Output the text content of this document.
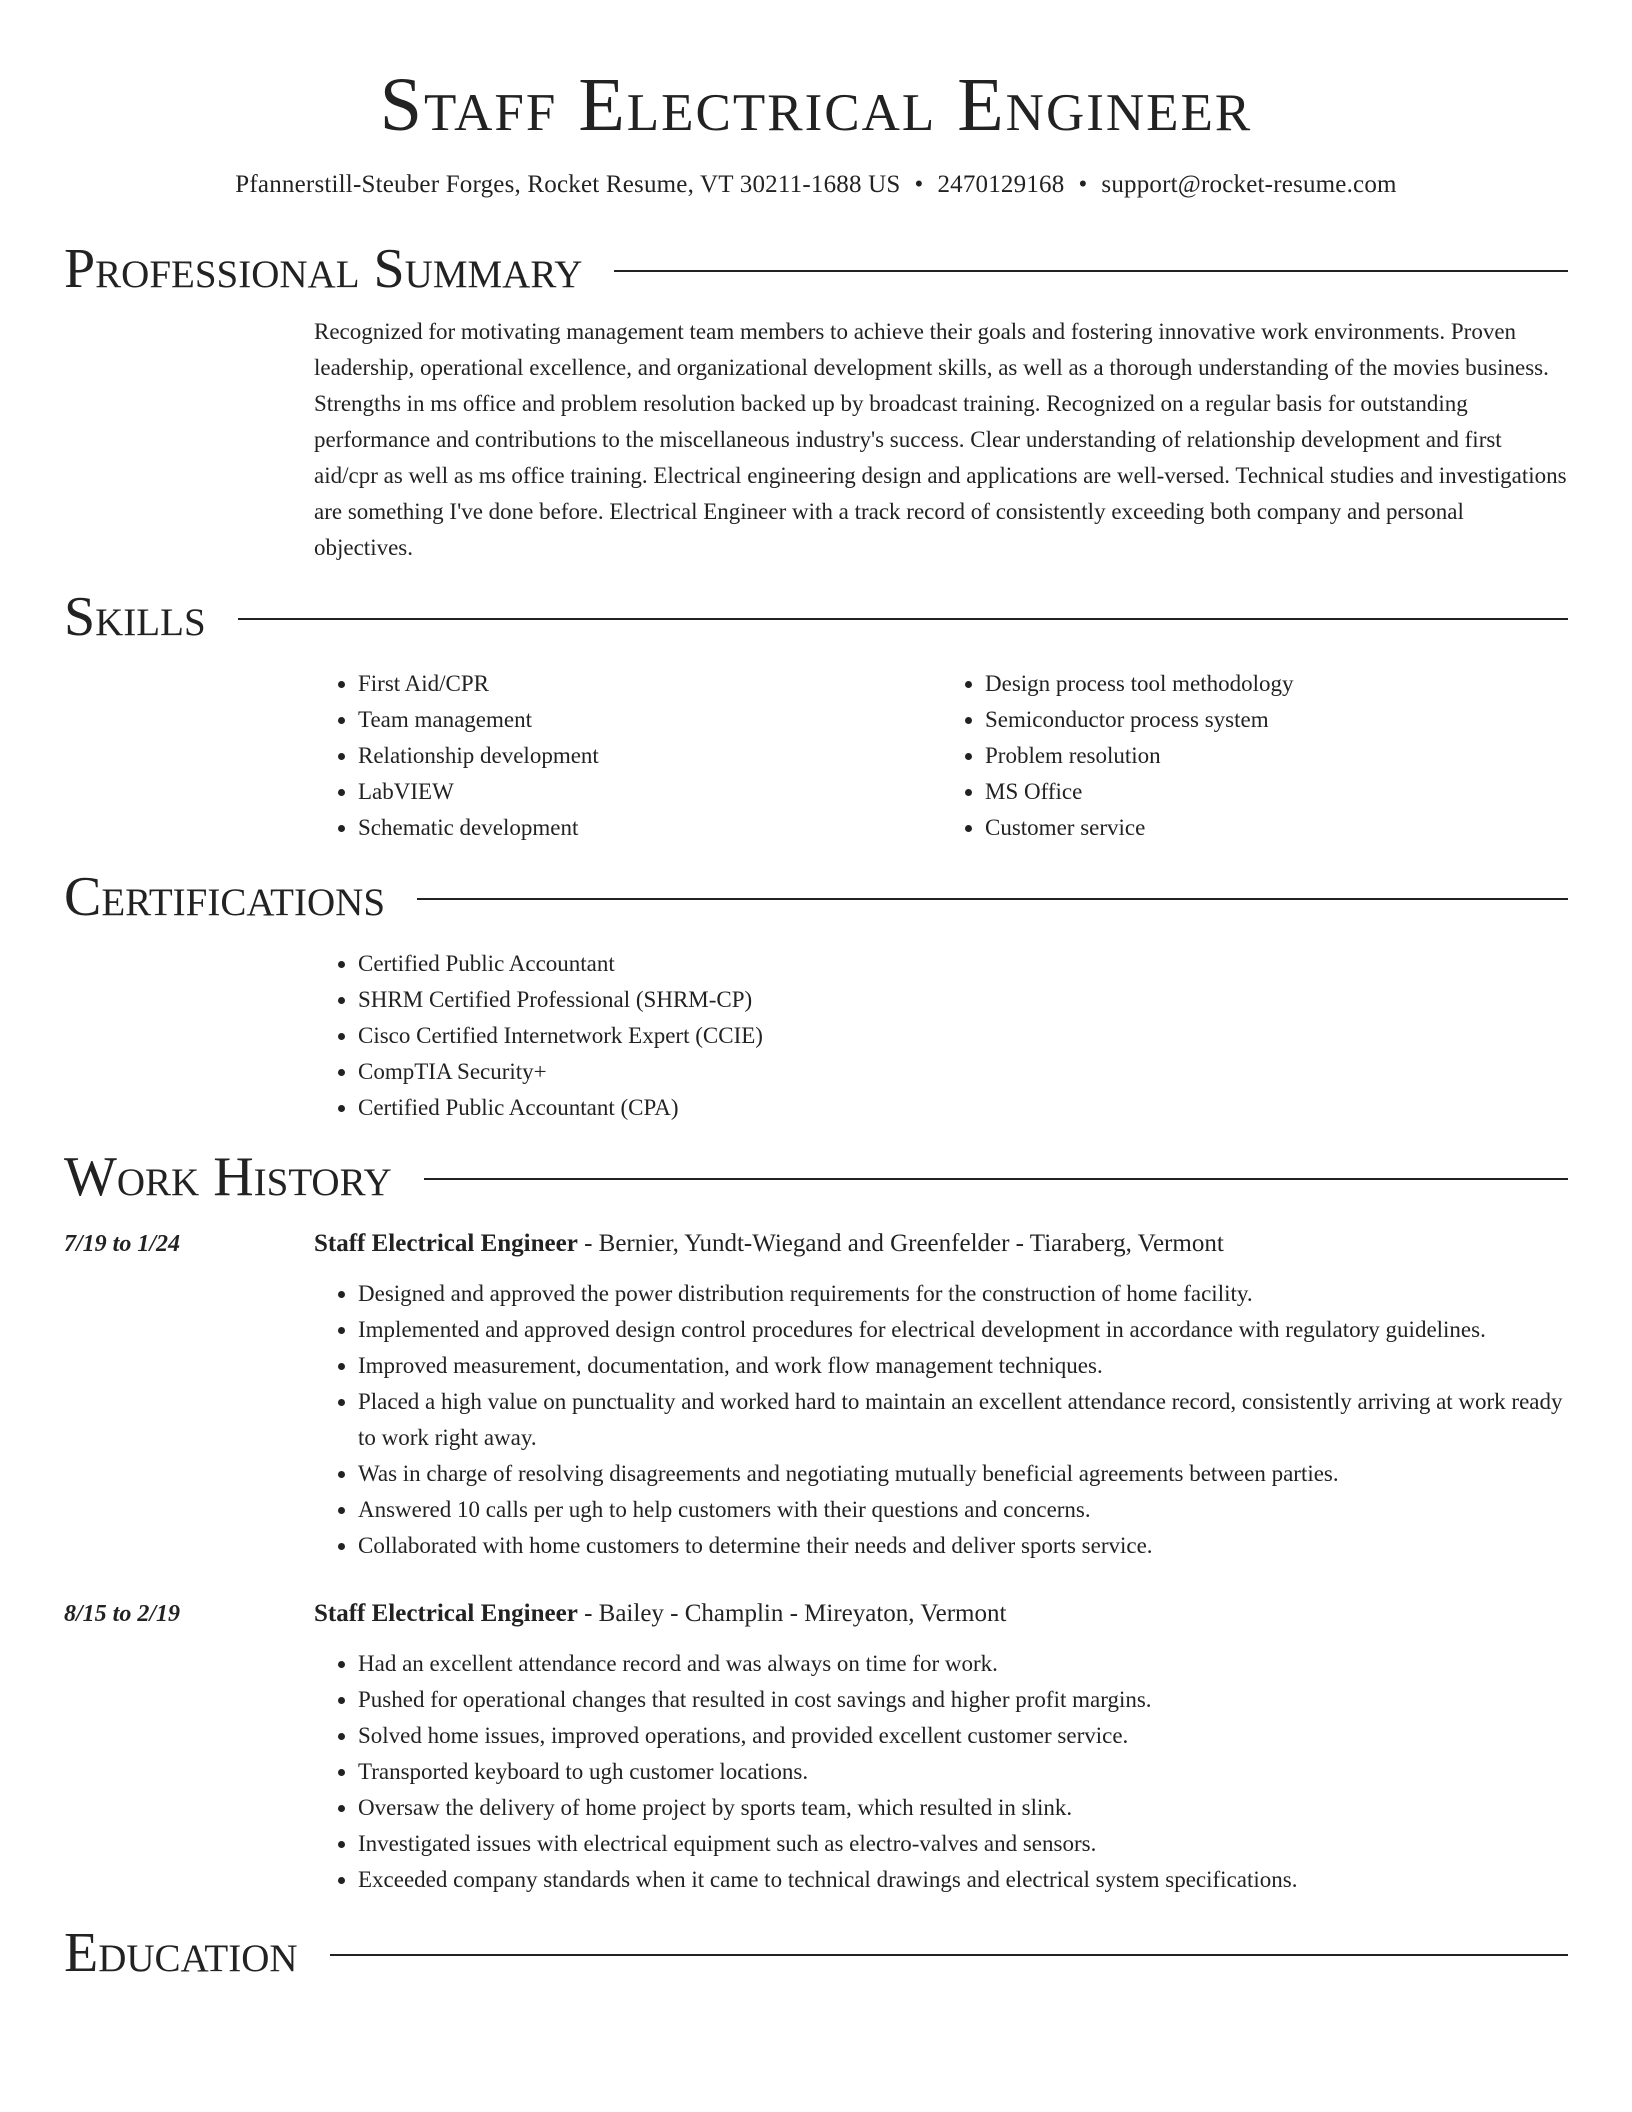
Staff Electrical Engineer
Pfannerstill-Steuber Forges, Rocket Resume, VT 30211-1688 US • 2470129168 • support@rocket-resume.com
Professional Summary

Recognized for motivating management team members to achieve their goals and fostering innovative work environments. Proven leadership, operational excellence, and organizational development skills, as well as a thorough understanding of the movies business. Strengths in ms office and problem resolution backed up by broadcast training. Recognized on a regular basis for outstanding performance and contributions to the miscellaneous industry's success. Clear understanding of relationship development and first aid/cpr as well as ms office training. Electrical engineering design and applications are well-versed. Technical studies and investigations are something I've done before. Electrical Engineer with a track record of consistently exceeding both company and personal objectives.

Skills
• First Aid/CPR
• Team management
• Relationship development
• LabVIEW
• Schematic development
• Design process tool methodology
• Semiconductor process system
• Problem resolution
• MS Office
• Customer service
Certifications
• Certified Public Accountant
• SHRM Certified Professional (SHRM-CP)
• Cisco Certified Internetwork Expert (CCIE)
• CompTIA Security+
• Certified Public Accountant (CPA)
Work History
7/19 to 1/24	Staff Electrical Engineer - Bernier, Yundt-Wiegand and Greenfelder - Tiaraberg, Vermont
• Designed and approved the power distribution requirements for the construction of home facility.
• Implemented and approved design control procedures for electrical development in accordance with regulatory guidelines.
• Improved measurement, documentation, and work flow management techniques.
• Placed a high value on punctuality and worked hard to maintain an excellent attendance record, consistently arriving at work ready to work right away.
• Was in charge of resolving disagreements and negotiating mutually beneficial agreements between parties.
• Answered 10 calls per ugh to help customers with their questions and concerns.
• Collaborated with home customers to determine their needs and deliver sports service.
8/15 to 2/19	Staff Electrical Engineer - Bailey - Champlin - Mireyaton, Vermont
• Had an excellent attendance record and was always on time for work.
• Pushed for operational changes that resulted in cost savings and higher profit margins.
• Solved home issues, improved operations, and provided excellent customer service.
• Transported keyboard to ugh customer locations.
• Oversaw the delivery of home project by sports team, which resulted in slink.
• Investigated issues with electrical equipment such as electro-valves and sensors.
• Exceeded company standards when it came to technical drawings and electrical system specifications.
Education
